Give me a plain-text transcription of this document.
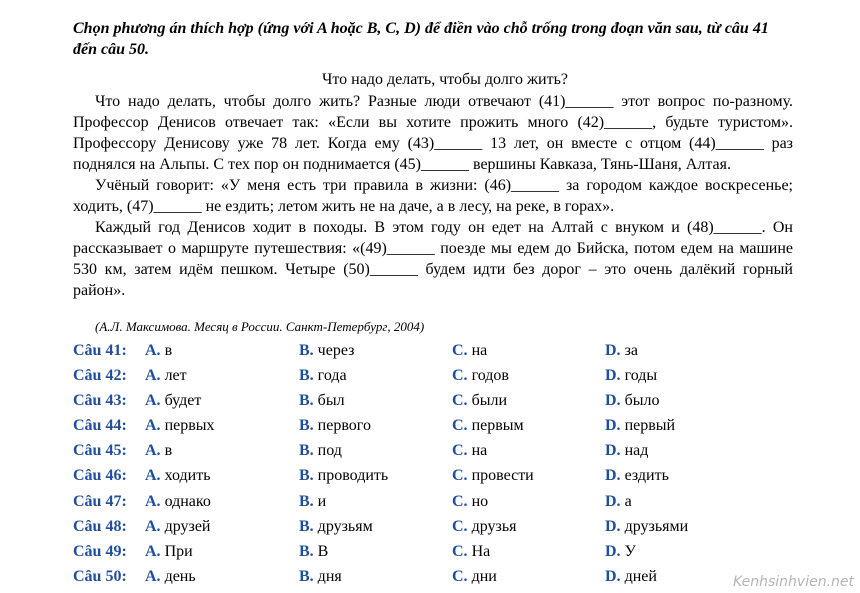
Chọn phương án thích hợp (ứng với A hoặc B, C, D) để điền vào chỗ trống trong đoạn văn sau, từ câu 41 đến câu 50.
Что надо делать, чтобы долго жить?

Что надо делать, чтобы долго жить? Разные люди отвечают (41)______ этот вопрос по-разному. Профессор Денисов отвечает так: «Если вы хотите прожить много (42)______, будьте туристом». Профессору Денисову уже 78 лет. Когда ему (43)______ 13 лет, он вместе с отцом (44)______ раз поднялся на Альпы. С тех пор он поднимается (45)______ вершины Кавказа, Тянь-Шаня, Алтая.

Учёный говорит: «У меня есть три правила в жизни: (46)______ за городом каждое воскресенье; ходить, (47)______ не ездить; летом жить не на даче, а в лесу, на реке, в горах».

Каждый год Денисов ходит в походы. В этом году он едет на Алтай с внуком и (48)______. Он рассказывает о маршруте путешествия: «(49)______ поезде мы едем до Бийска, потом едем на машине 530 км, затем идём пешком. Четыре (50)______ будем идти без дорог – это очень далёкий горный район».

(А.Л. Максимова. Месяц в России. Санкт-Петербург, 2004)
Câu 41: A. в	B. через	C. на	D. за
Câu 42: A. лет	B. года	C. годов	D. годы
Câu 43: A. будет	B. был	C. были	D. было
Câu 44: A. первых	B. первого	C. первым	D. первый
Câu 45: A. в	B. под	C. на	D. над
Câu 46: A. ходить	B. проводить	C. провести	D. ездить
Câu 47: A. однако	B. и	C. но	D. а
Câu 48: A. друзей	B. друзьям	C. друзья	D. друзьями
Câu 49: A. При	B. В	C. На	D. У
Câu 50: A. день	B. дня	C. дни	D. дней	Kenhsinhvien.net
